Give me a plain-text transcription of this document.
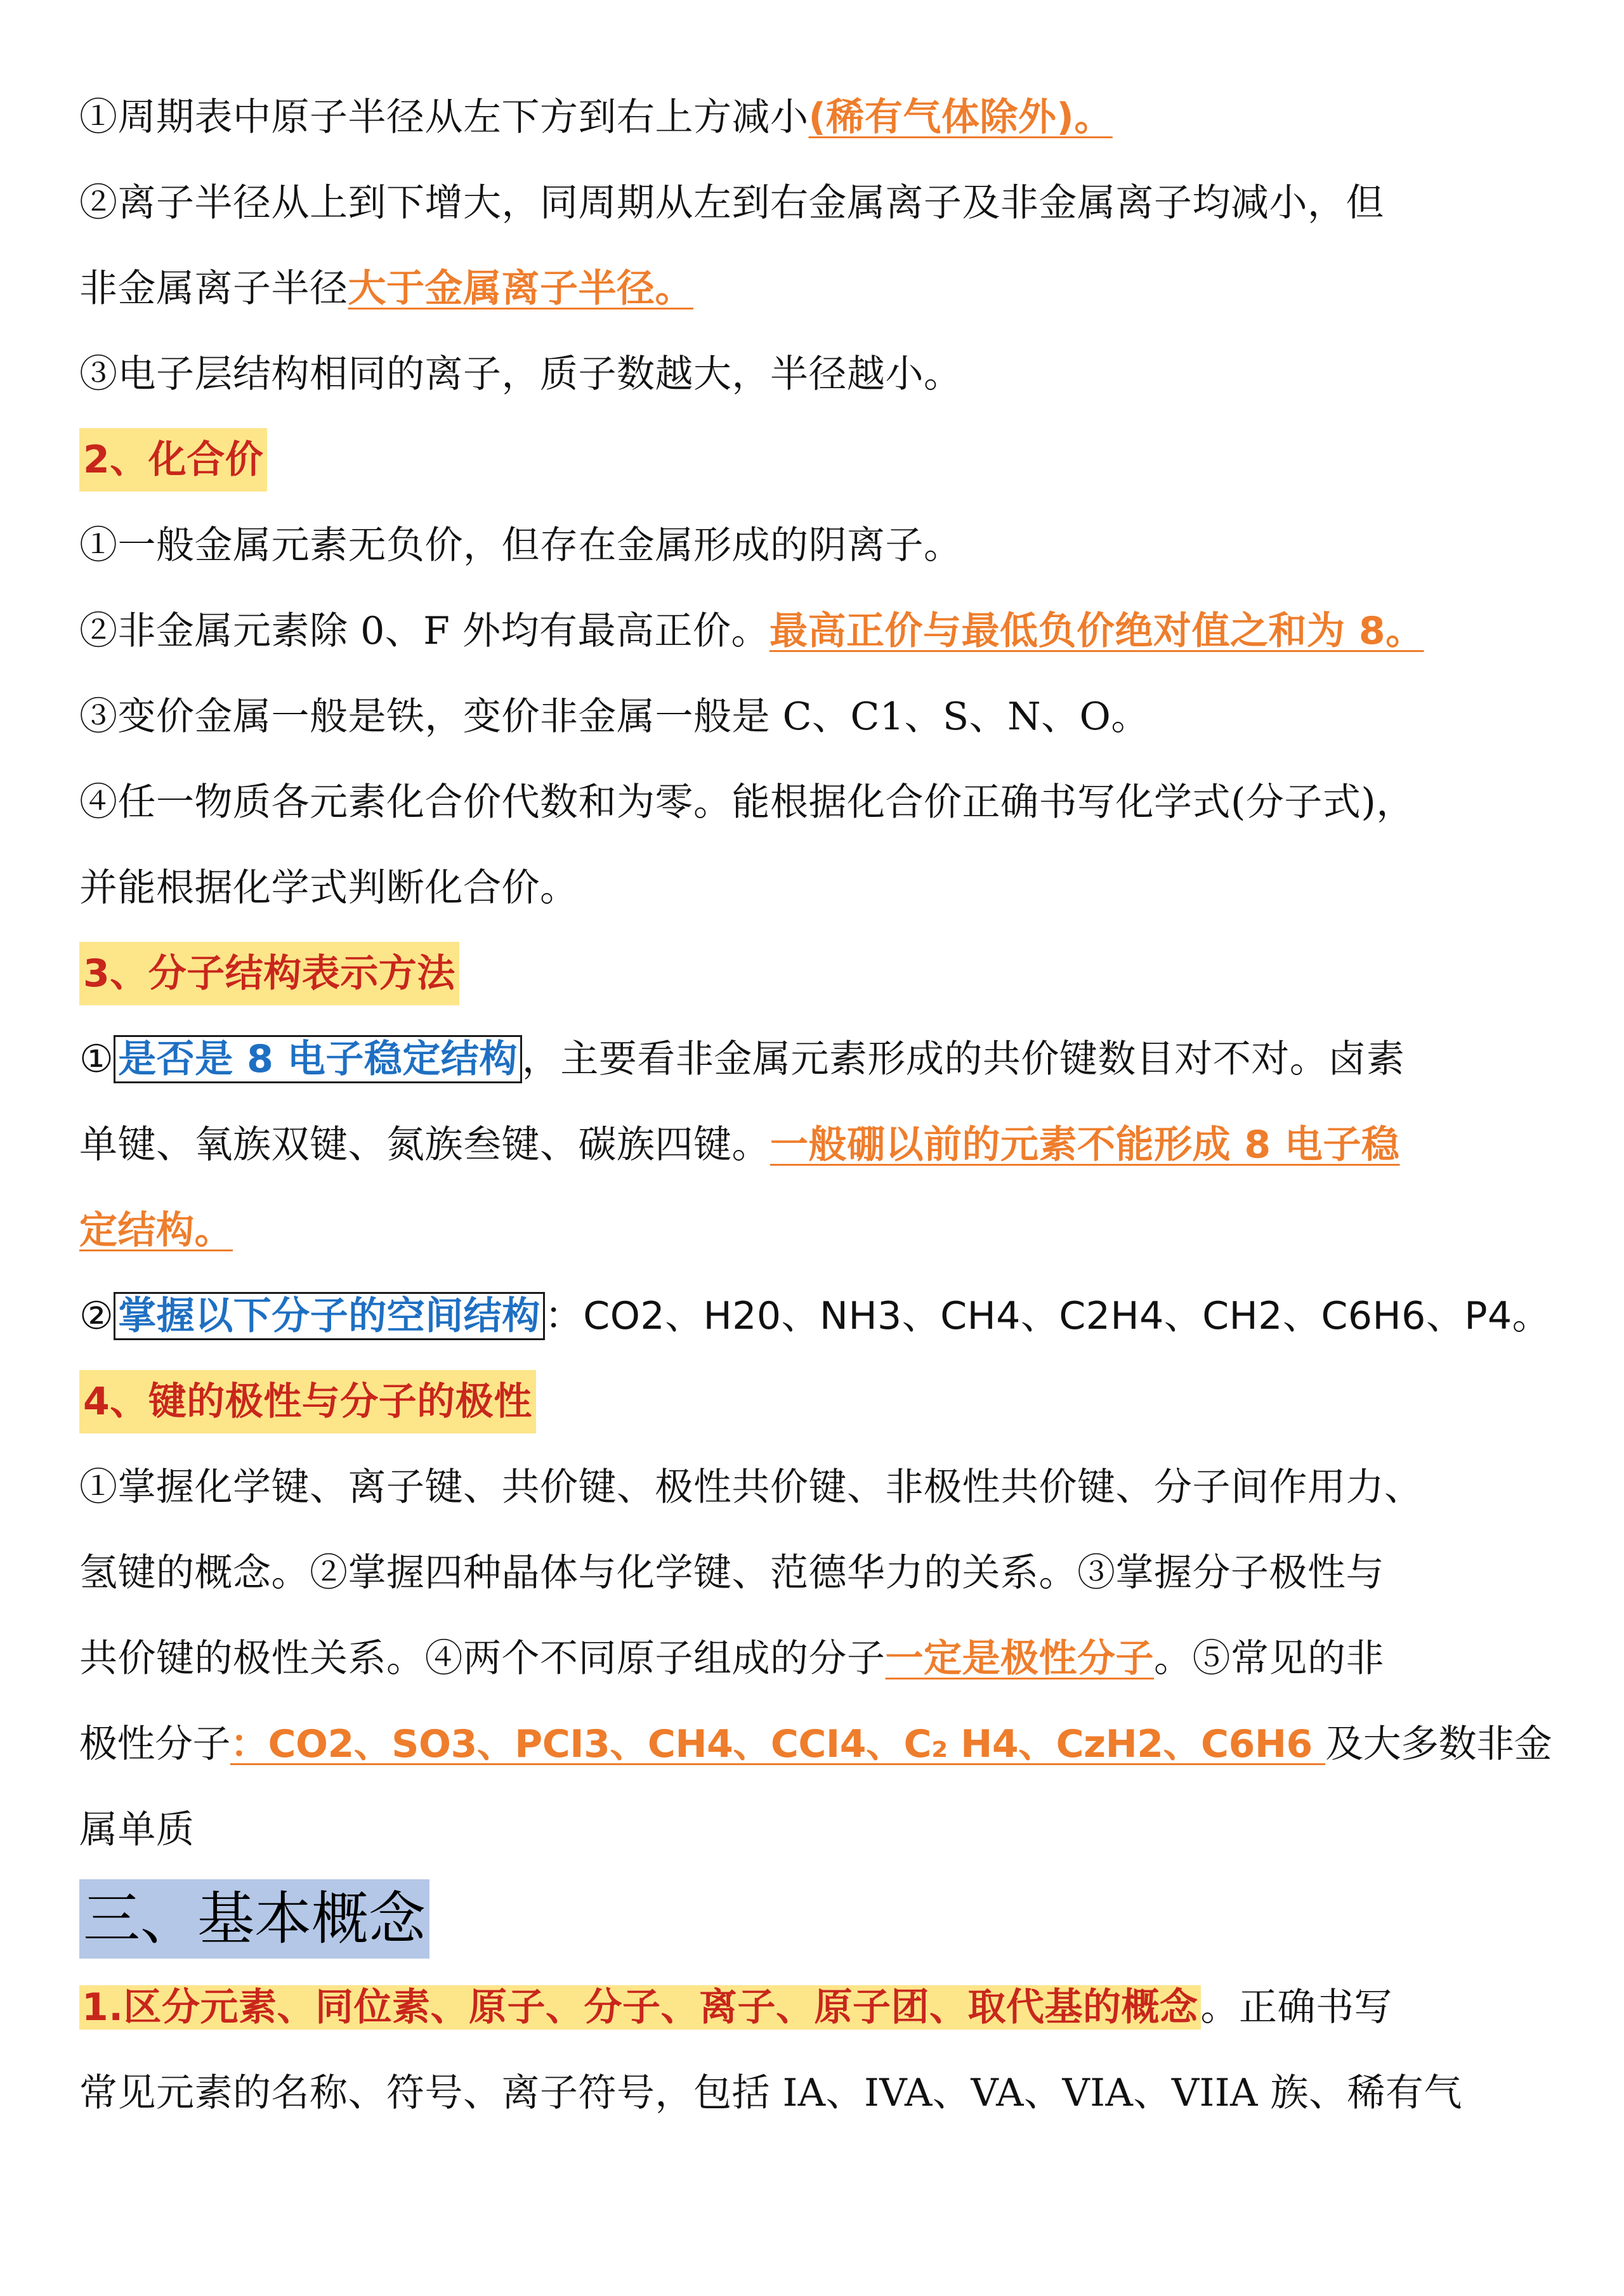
①周期表中原子半径从左下方到右上方减小(稀有气体除外)。
②离子半径从上到下增大，同周期从左到右金属离子及非金属离子均减小，但
非金属离子半径大于金属离子半径。
③电子层结构相同的离子，质子数越大，半径越小。
2、化合价
①一般金属元素无负价，但存在金属形成的阴离子。
②非金属元素除 0、F 外均有最高正价。最高正价与最低负价绝对值之和为 8。
③变价金属一般是铁，变价非金属一般是 C、C1、S、N、O。
④任一物质各元素化合价代数和为零。能根据化合价正确书写化学式(分子式)，
并能根据化学式判断化合价。
3、分子结构表示方法
① 是否是 8 电子稳定结构 ，主要看非金属元素形成的共价键数目对不对。卤素
单键、氧族双键、氮族叁键、碳族四键。一般硼以前的元素不能形成 8 电子稳
定结构。
② 掌握以下分子的空间结构 ：CO2、H20、NH3、CH4、C2H4、CH2、C6H6、P4。
4、键的极性与分子的极性
①掌握化学键、离子键、共价键、极性共价键、非极性共价键、分子间作用力、
氢键的概念。②掌握四种晶体与化学键、范德华力的关系。③掌握分子极性与
共价键的极性关系。④两个不同原子组成的分子一定是极性分子。⑤常见的非
极性分子：CO2、SO3、PCI3、CH4、CCI4、C₂ H4、CzH2、C6H6 及大多数非金
属单质
三、基本概念
1.区分元素、同位素、原子、分子、离子、原子团、取代基的概念。正确书写
常见元素的名称、符号、离子符号，包括 IA、IVA、VA、VIA、VIIA 族、稀有气
